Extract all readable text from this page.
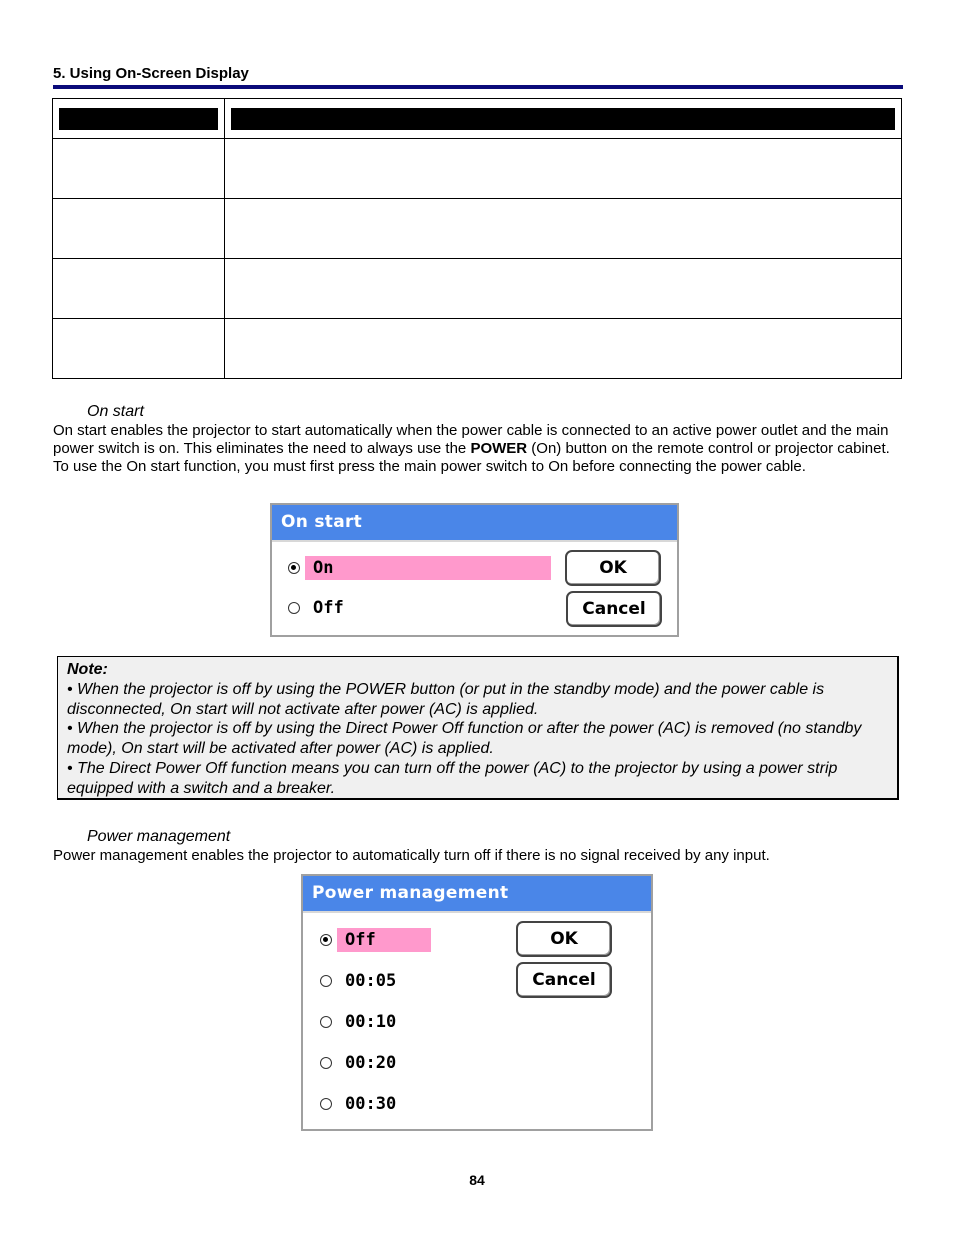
5. Using On-Screen Display

On start
On start enables the projector to start automatically when the power cable is connected to an active power outlet and the main power switch is on. This eliminates the need to always use the POWER (On) button on the remote control or projector cabinet. To use the On start function, you must first press the main power switch to On before connecting the power cable.
On start
On
Off
OK
Cancel
Note:
• When the projector is off by using the POWER button (or put in the standby mode) and the power cable is disconnected, On start will not activate after power (AC) is applied.
• When the projector is off by using the Direct Power Off function or after the power (AC) is removed (no standby mode), On start will be activated after power (AC) is applied.
• The Direct Power Off function means you can turn off the power (AC) to the projector by using a power strip equipped with a switch and a breaker.
Power management
Power management enables the projector to automatically turn off if there is no signal received by any input.
Power management
Off
00:05
00:10
00:20
00:30
OK
Cancel
84
